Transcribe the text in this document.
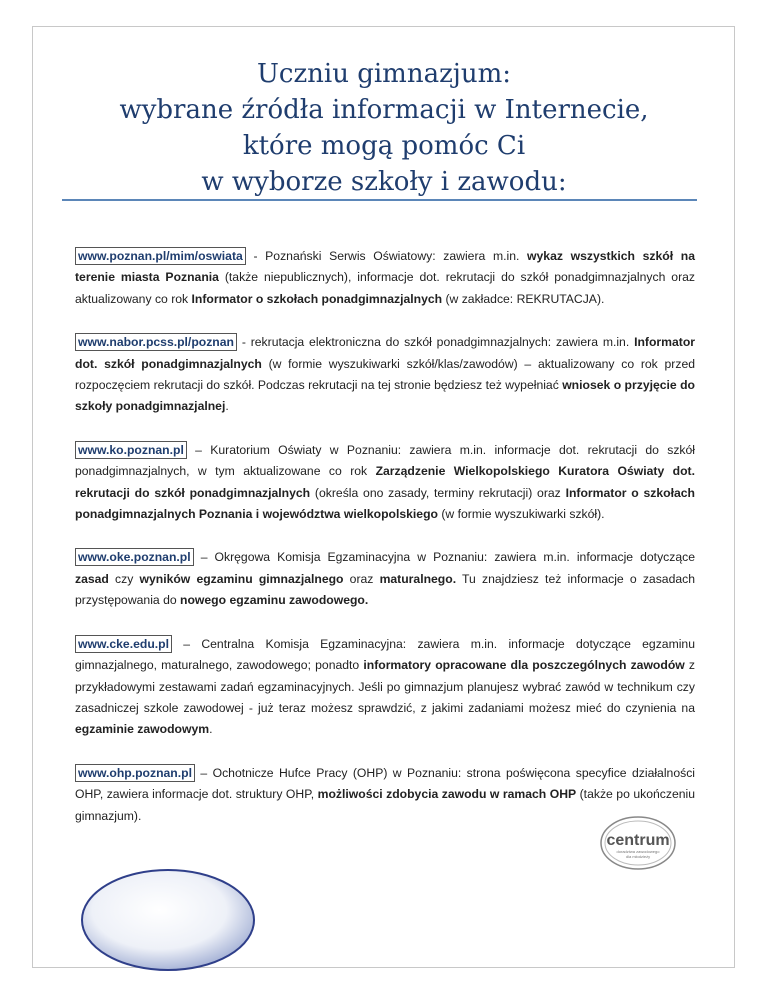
Uczniu gimnazjum:
wybrane źródła informacji w Internecie,
które mogą pomóc Ci
w wyborze szkoły i zawodu:

www.poznan.pl/mim/oswiata - Poznański Serwis Oświatowy: zawiera m.in. wykaz wszystkich szkół na terenie miasta Poznania (także niepublicznych), informacje dot. rekrutacji do szkół ponadgimnazjalnych oraz aktualizowany co rok Informator o szkołach ponadgimnazjalnych (w zakładce: REKRUTACJA).

www.nabor.pcss.pl/poznan - rekrutacja elektroniczna do szkół ponadgimnazjalnych: zawiera m.in. Informator dot. szkół ponadgimnazjalnych (w formie wyszukiwarki szkół/klas/zawodów) – aktualizowany co rok przed rozpoczęciem rekrutacji do szkół. Podczas rekrutacji na tej stronie będziesz też wypełniać wniosek o przyjęcie do szkoły ponadgimnazjalnej.

www.ko.poznan.pl – Kuratorium Oświaty w Poznaniu: zawiera m.in. informacje dot. rekrutacji do szkół ponadgimnazjalnych, w tym aktualizowane co rok Zarządzenie Wielkopolskiego Kuratora Oświaty dot. rekrutacji do szkół ponadgimnazjalnych (określa ono zasady, terminy rekrutacji) oraz Informator o szkołach ponadgimnazjalnych Poznania i województwa wielkopolskiego (w formie wyszukiwarki szkół).

www.oke.poznan.pl – Okręgowa Komisja Egzaminacyjna w Poznaniu: zawiera m.in. informacje dotyczące zasad czy wyników egzaminu gimnazjalnego oraz maturalnego. Tu znajdziesz też informacje o zasadach przystępowania do nowego egzaminu zawodowego.

www.cke.edu.pl – Centralna Komisja Egzaminacyjna: zawiera m.in. informacje dotyczące egzaminu gimnazjalnego, maturalnego, zawodowego; ponadto informatory opracowane dla poszczególnych zawodów z przykładowymi zestawami zadań egzaminacyjnych. Jeśli po gimnazjum planujesz wybrać zawód w technikum czy zasadniczej szkole zawodowej - już teraz możesz sprawdzić, z jakimi zadaniami możesz mieć do czynienia na egzaminie zawodowym.

www.ohp.poznan.pl – Ochotnicze Hufce Pracy (OHP) w Poznaniu: strona poświęcona specyfice działalności OHP, zawiera informacje dot. struktury OHP, możliwości zdobycia zawodu w ramach OHP (także po ukończeniu gimnazjum).

centrum
doradztwa zawodowego
dla młodzieży
